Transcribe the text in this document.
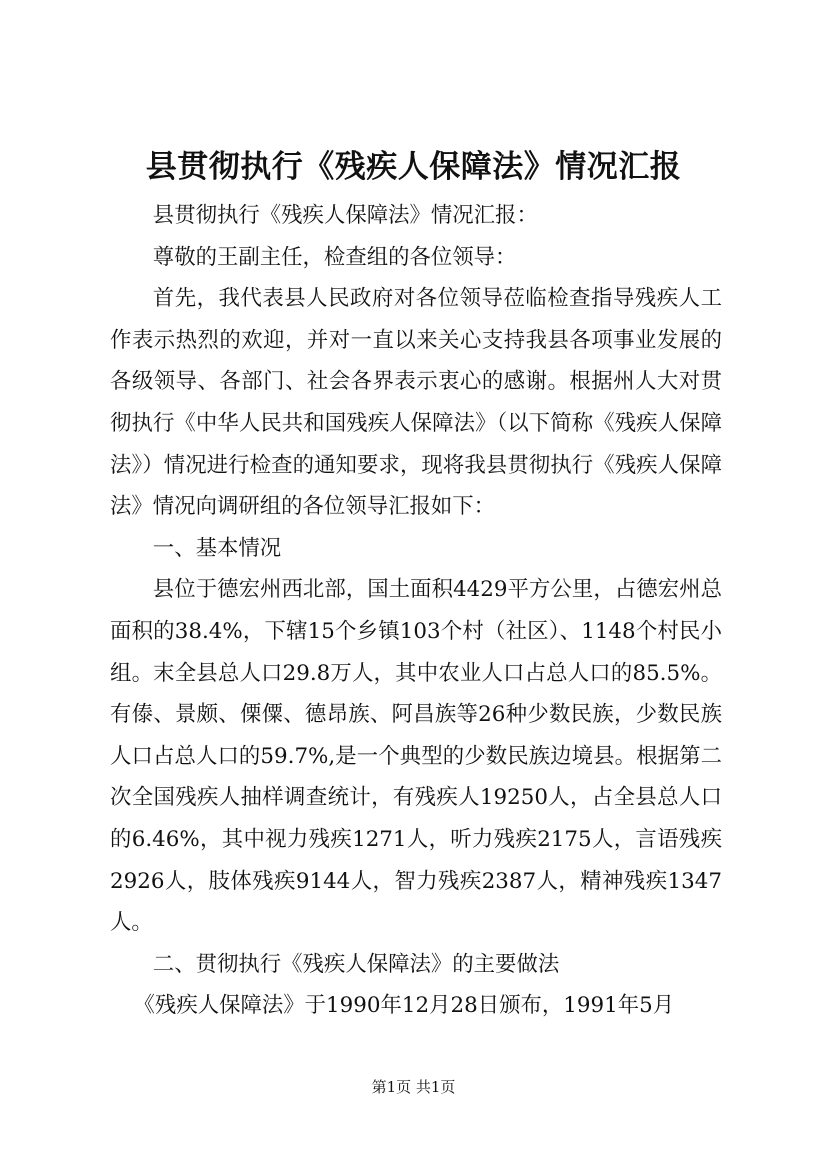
县贯彻执行《残疾人保障法》情况汇报

县贯彻执行《残疾人保障法》情况汇报：

尊敬的王副主任，检查组的各位领导：

首先，我代表县人民政府对各位领导莅临检查指导残疾人工作表示热烈的欢迎，并对一直以来关心支持我县各项事业发展的各级领导、各部门、社会各界表示衷心的感谢。根据州人大对贯彻执行《中华人民共和国残疾人保障法》（以下简称《残疾人保障法》）情况进行检查的通知要求，现将我县贯彻执行《残疾人保障法》情况向调研组的各位领导汇报如下：

一、基本情况

县位于德宏州西北部，国土面积4429平方公里，占德宏州总面积的38.4%，下辖15个乡镇103个村（社区）、1148个村民小组。末全县总人口29.8万人，其中农业人口占总人口的85.5%。有傣、景颇、傈僳、德昂族、阿昌族等26种少数民族，少数民族人口占总人口的59.7%,是一个典型的少数民族边境县。根据第二次全国残疾人抽样调查统计，有残疾人19250人，占全县总人口的6.46%，其中视力残疾1271人，听力残疾2175人，言语残疾2926人，肢体残疾9144人，智力残疾2387人，精神残疾1347人。

二、贯彻执行《残疾人保障法》的主要做法

《残疾人保障法》于1990年12月28日颁布，1991年5月

第1页 共1页
